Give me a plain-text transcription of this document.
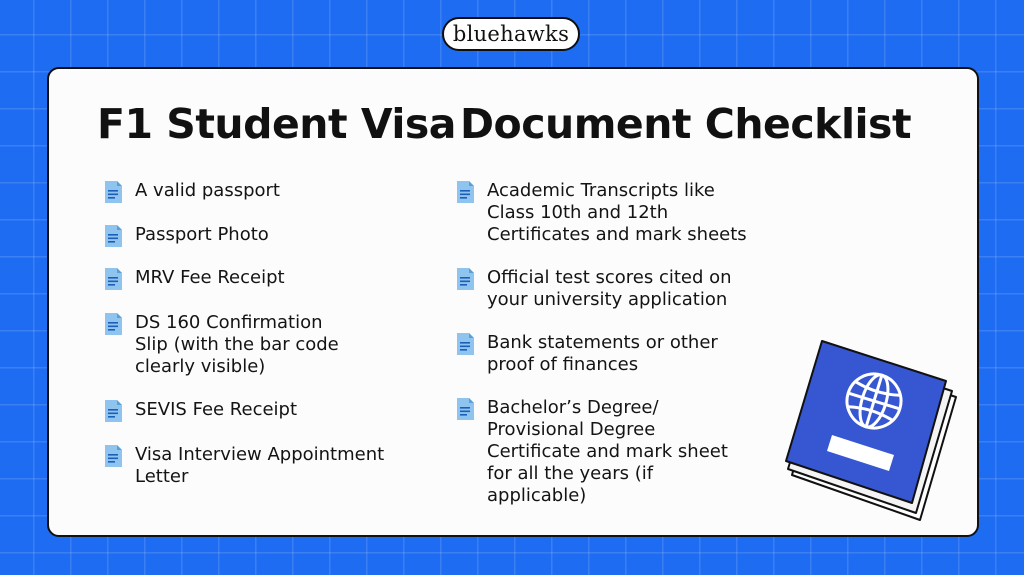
bluehawks
F1 Student Visa Document Checklist
A valid passport
Passport Photo
MRV Fee Receipt
DS 160 Confirmation
Slip (with the bar code
clearly visible)
SEVIS Fee Receipt
Visa Interview Appointment
Letter
Academic Transcripts like
Class 10th and 12th
Certificates and mark sheets
Official test scores cited on
your university application
Bank statements or other
proof of finances
Bachelor’s Degree/
Provisional Degree
Certificate and mark sheet
for all the years (if
applicable)
